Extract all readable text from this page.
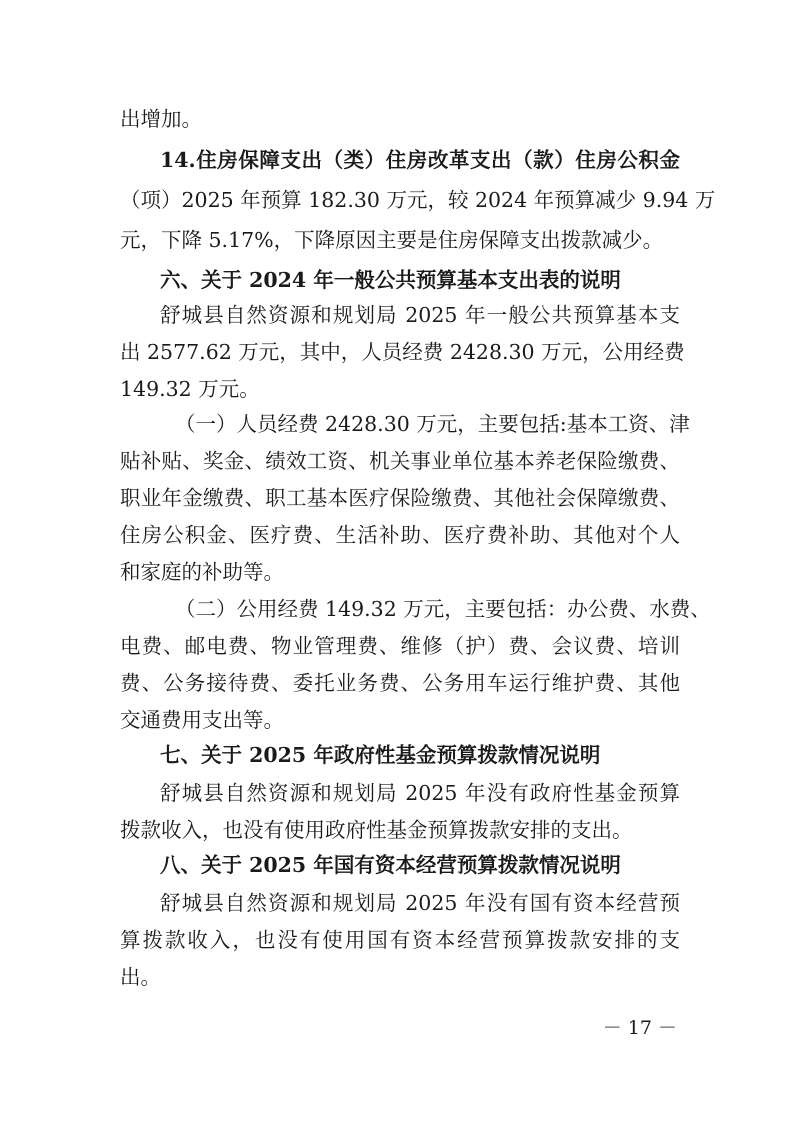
出增加。
14.住房保障支出（类）住房改革支出（款）住房公积金
（项）2025 年预算 182.30 万元，较 2024 年预算减少 9.94 万
元，下降 5.17%，下降原因主要是住房保障支出拨款减少。
六、关于 2024 年一般公共预算基本支出表的说明
舒城县自然资源和规划局 2025 年一般公共预算基本支
出 2577.62 万元，其中，人员经费 2428.30 万元，公用经费
149.32 万元。
（一）人员经费 2428.30 万元，主要包括:基本工资、津
贴补贴、奖金、绩效工资、机关事业单位基本养老保险缴费、
职业年金缴费、职工基本医疗保险缴费、其他社会保障缴费、
住房公积金、医疗费、生活补助、医疗费补助、其他对个人
和家庭的补助等。
（二）公用经费 149.32 万元，主要包括：办公费、水费、
电费、邮电费、物业管理费、维修（护）费、会议费、培训
费、公务接待费、委托业务费、公务用车运行维护费、其他
交通费用支出等。
七、关于 2025 年政府性基金预算拨款情况说明
舒城县自然资源和规划局 2025 年没有政府性基金预算
拨款收入，也没有使用政府性基金预算拨款安排的支出。
八、关于 2025 年国有资本经营预算拨款情况说明
舒城县自然资源和规划局 2025 年没有国有资本经营预
算拨款收入，也没有使用国有资本经营预算拨款安排的支
出。
－ 17 －
